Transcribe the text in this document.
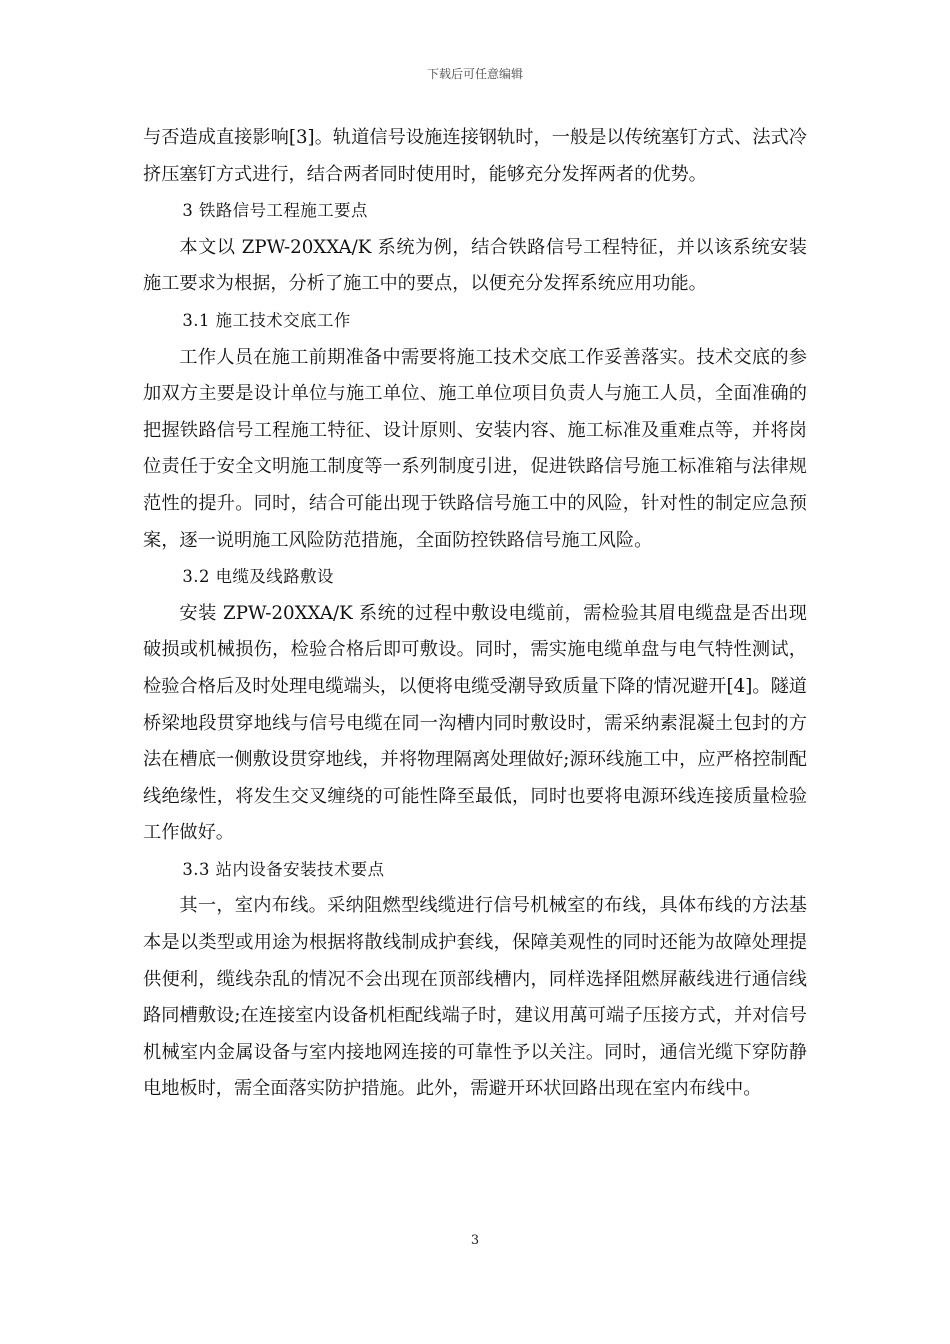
下载后可任意编辑

与否造成直接影响[3]。轨道信号设施连接钢轨时，一般是以传统塞钉方式、法式冷挤压塞钉方式进行，结合两者同时使用时，能够充分发挥两者的优势。

3 铁路信号工程施工要点

本文以 ZPW-20XXA/K 系统为例，结合铁路信号工程特征，并以该系统安装施工要求为根据，分析了施工中的要点，以便充分发挥系统应用功能。

3.1 施工技术交底工作

工作人员在施工前期准备中需要将施工技术交底工作妥善落实。技术交底的参加双方主要是设计单位与施工单位、施工单位项目负责人与施工人员，全面准确的把握铁路信号工程施工特征、设计原则、安装内容、施工标准及重难点等，并将岗位责任于安全文明施工制度等一系列制度引进，促进铁路信号施工标准箱与法律规范性的提升。同时，结合可能出现于铁路信号施工中的风险，针对性的制定应急预案，逐一说明施工风险防范措施，全面防控铁路信号施工风险。

3.2 电缆及线路敷设

安装 ZPW-20XXA/K 系统的过程中敷设电缆前，需检验其眉电缆盘是否出现破损或机械损伤，检验合格后即可敷设。同时，需实施电缆单盘与电气特性测试，检验合格后及时处理电缆端头，以便将电缆受潮导致质量下降的情况避开[4]。隧道桥梁地段贯穿地线与信号电缆在同一沟槽内同时敷设时，需采纳素混凝土包封的方法在槽底一侧敷设贯穿地线，并将物理隔离处理做好;源环线施工中，应严格控制配线绝缘性，将发生交叉缠绕的可能性降至最低，同时也要将电源环线连接质量检验工作做好。

3.3 站内设备安装技术要点

其一，室内布线。采纳阻燃型线缆进行信号机械室的布线，具体布线的方法基本是以类型或用途为根据将散线制成护套线，保障美观性的同时还能为故障处理提供便利，缆线杂乱的情况不会出现在顶部线槽内，同样选择阻燃屏蔽线进行通信线路同槽敷设;在连接室内设备机柜配线端子时，建议用萬可端子压接方式，并对信号机械室内金属设备与室内接地网连接的可靠性予以关注。同时，通信光缆下穿防静电地板时，需全面落实防护措施。此外，需避开环状回路出现在室内布线中。

3
